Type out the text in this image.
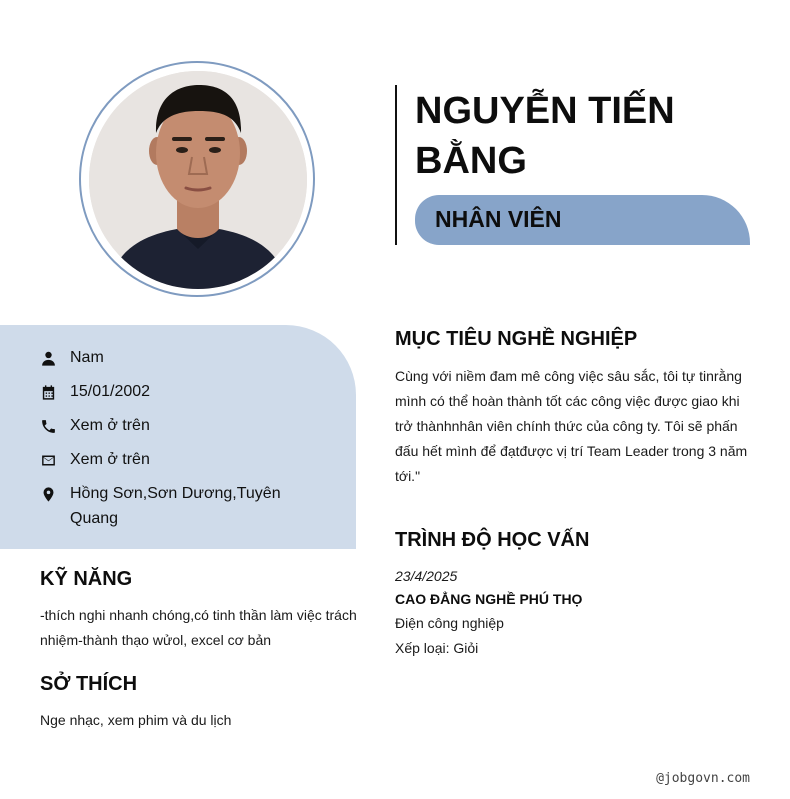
NGUYỄN TIẾN BẰNG
NHÂN VIÊN
Nam
15/01/2002
Xem ở trên
Xem ở trên
Hồng Sơn,Sơn Dương,Tuyên Quang
KỸ NĂNG

-thích nghi nhanh chóng,có tinh thần làm việc trách nhiệm-thành thạo wửol, excel cơ bản

SỞ THÍCH

Nge nhạc, xem phim và du lịch

MỤC TIÊU NGHỀ NGHIỆP

Cùng với niềm đam mê công việc sâu sắc, tôi tự tinrằng mình có thể hoàn thành tốt các công việc được giao khi trở thànhnhân viên chính thức của công ty. Tôi sẽ phấn đấu hết mình để đạtđược vị trí Team Leader trong 3 năm tới."

TRÌNH ĐỘ HỌC VẤN
23/4/2025
CAO ĐẲNG NGHỀ PHÚ THỌ
Điện công nghiệp
Xếp loại: Giỏi
@jobgovn.com
